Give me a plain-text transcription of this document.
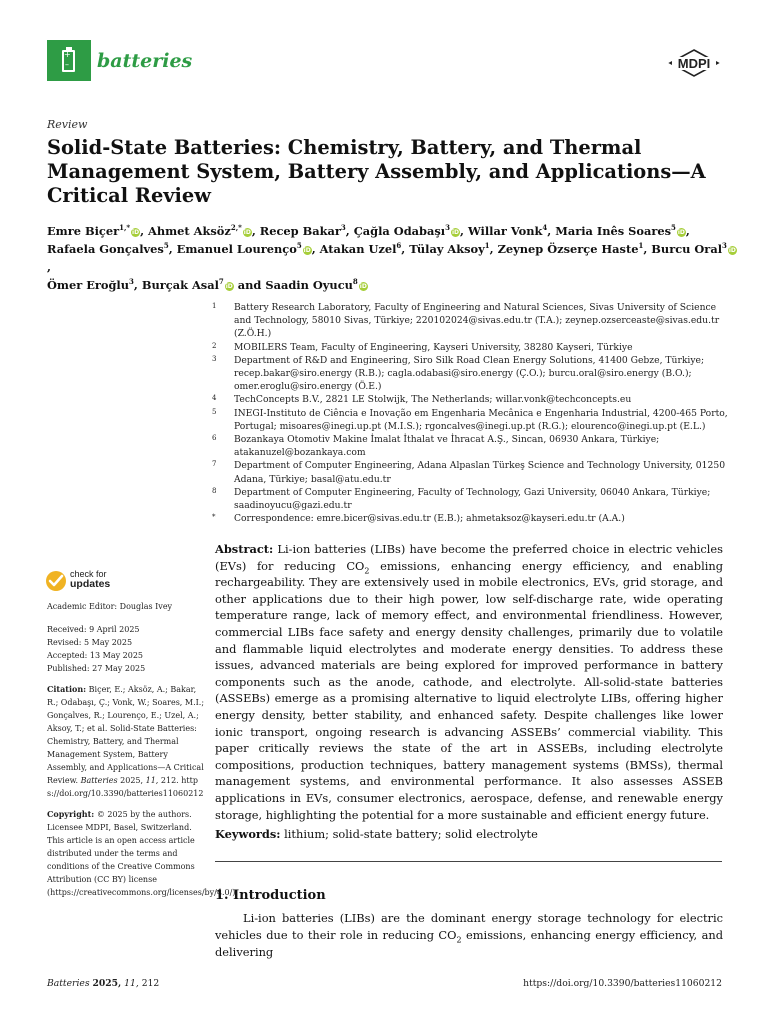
+
– batteries	MDPI
Review
Solid-State Batteries: Chemistry, Battery, and Thermal Management System, Battery Assembly, and Applications—A Critical Review
Emre Biçer$^{1,*}$iD, Ahmet Aksöz$^{2,*}$iD, Recep Bakar$^3$, Çağla Odabaşı$^3$iD, Willar Vonk$^4$, Maria Inês Soares$^5$iD,
Rafaela Gonçalves$^5$, Emanuel Lourenço$^5$iD, Atakan Uzel$^6$, Tülay Aksoy$^1$, Zeynep Özserçe Haste$^1$, Burcu Oral$^3$iD,
Ömer Eroğlu$^3$, Burçak Asal$^7$iD and Saadin Oyucu$^8$iD
1	Battery Research Laboratory, Faculty of Engineering and Natural Sciences, Sivas University of Science and Technology, 58010 Sivas, Türkiye; 220102024@sivas.edu.tr (T.A.); zeynep.ozserceaste@sivas.edu.tr (Z.Ö.H.)
2	MOBILERS Team, Faculty of Engineering, Kayseri University, 38280 Kayseri, Türkiye
3	Department of R&D and Engineering, Siro Silk Road Clean Energy Solutions, 41400 Gebze, Türkiye; recep.bakar@siro.energy (R.B.); cagla.odabasi@siro.energy (Ç.O.); burcu.oral@siro.energy (B.O.); omer.eroglu@siro.energy (Ö.E.)
4	TechConcepts B.V., 2821 LE Stolwijk, The Netherlands; willar.vonk@techconcepts.eu
5	INEGI-Instituto de Ciência e Inovação em Engenharia Mecânica e Engenharia Industrial, 4200-465 Porto, Portugal; misoares@inegi.up.pt (M.I.S.); rgoncalves@inegi.up.pt (R.G.); elourenco@inegi.up.pt (E.L.)
6	Bozankaya Otomotiv Makine İmalat İthalat ve İhracat A.Ş., Sincan, 06930 Ankara, Türkiye; atakanuzel@bozankaya.com
7	Department of Computer Engineering, Adana Alpaslan Türkeş Science and Technology University, 01250 Adana, Türkiye; basal@atu.edu.tr
8	Department of Computer Engineering, Faculty of Technology, Gazi University, 06040 Ankara, Türkiye; saadinoyucu@gazi.edu.tr
*	Correspondence: emre.bicer@sivas.edu.tr (E.B.); ahmetaksoz@kayseri.edu.tr (A.A.)
check for
updates
Academic Editor: Douglas Ivey
Received: 9 April 2025
Revised: 5 May 2025
Accepted: 13 May 2025
Published: 27 May 2025
Citation: Biçer, E.; Aksöz, A.; Bakar, R.; Odabaşı, Ç.; Vonk, W.; Soares, M.I.; Gonçalves, R.; Lourenço, E.; Uzel, A.; Aksoy, T.; et al. Solid-State Batteries: Chemistry, Battery, and Thermal Management System, Battery Assembly, and Applications—A Critical Review. Batteries 2025, 11, 212. https://doi.org/10.3390/batteries11060212
Copyright: © 2025 by the authors. Licensee MDPI, Basel, Switzerland. This article is an open access article distributed under the terms and conditions of the Creative Commons Attribution (CC BY) license (https://creativecommons.org/licenses/by/4.0/).
Abstract: Li-ion batteries (LIBs) have become the preferred choice in electric vehicles (EVs) for reducing $CO_2$ emissions, enhancing energy efficiency, and enabling rechargeability. They are extensively used in mobile electronics, EVs, grid storage, and other applications due to their high power, low self-discharge rate, wide operating temperature range, lack of memory effect, and environmental friendliness. However, commercial LIBs face safety and energy density challenges, primarily due to volatile and flammable liquid electrolytes and moderate energy densities. To address these issues, advanced materials are being explored for improved performance in battery components such as the anode, cathode, and electrolyte. All-solid-state batteries (ASSEBs) emerge as a promising alternative to liquid electrolyte LIBs, offering higher energy density, better stability, and enhanced safety. Despite challenges like lower ionic transport, ongoing research is advancing ASSEBs’ commercial viability. This paper critically reviews the state of the art in ASSEBs, including electrolyte compositions, production techniques, battery management systems (BMSs), thermal management systems, and environmental performance. It also assesses ASSEB applications in EVs, consumer electronics, aerospace, defense, and renewable energy storage, highlighting the potential for a more sustainable and efficient energy future.
Keywords: lithium; solid-state battery; solid electrolyte
1. Introduction
Li-ion batteries (LIBs) are the dominant energy storage technology for electric vehicles due to their role in reducing $CO_2$ emissions, enhancing energy efficiency, and delivering
Batteries 2025, 11, 212	https://doi.org/10.3390/batteries11060212
